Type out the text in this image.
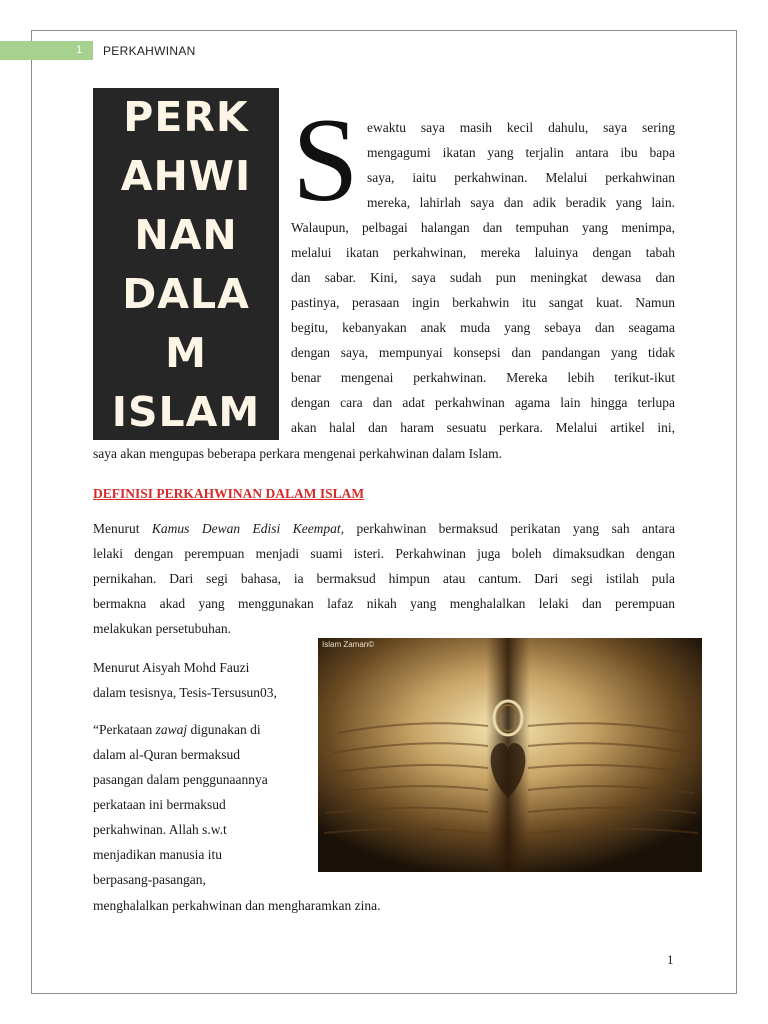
1 PERKAHWINAN
PERK
AHWI
NAN
DALA
M
ISLAM
S ewaktu saya masih kecil dahulu, saya sering
mengagumi ikatan yang terjalin antara ibu bapa
saya, iaitu perkahwinan. Melalui perkahwinan
mereka, lahirlah saya dan adik beradik yang lain.
Walaupun, pelbagai halangan dan tempuhan yang menimpa,
melalui ikatan perkahwinan, mereka laluinya dengan tabah
dan sabar. Kini, saya sudah pun meningkat dewasa dan
pastinya, perasaan ingin berkahwin itu sangat kuat. Namun
begitu, kebanyakan anak muda yang sebaya dan seagama
dengan saya, mempunyai konsepsi dan pandangan yang tidak
benar mengenai perkahwinan. Mereka lebih terikut-ikut
dengan cara dan adat perkahwinan agama lain hingga terlupa
akan halal dan haram sesuatu perkara. Melalui artikel ini,
saya akan mengupas beberapa perkara mengenai perkahwinan dalam Islam.
DEFINISI PERKAHWINAN DALAM ISLAM
Menurut Kamus Dewan Edisi Keempat, perkahwinan bermaksud perikatan yang sah antara
lelaki dengan perempuan menjadi suami isteri. Perkahwinan juga boleh dimaksudkan dengan
pernikahan. Dari segi bahasa, ia bermaksud himpun atau cantum. Dari segi istilah pula
bermakna akad yang menggunakan lafaz nikah yang menghalalkan lelaki dan perempuan
melakukan persetubuhan.
Menurut Aisyah Mohd Fauzi
dalam tesisnya, Tesis-Tersusun03,
“Perkataan zawaj digunakan di
dalam al-Quran bermaksud
pasangan dalam penggunaannya
perkataan ini bermaksud
perkahwinan. Allah s.w.t
menjadikan manusia itu
berpasang-pasangan,
menghalalkan perkahwinan dan mengharamkan zina.
Islam Zaman©
1
